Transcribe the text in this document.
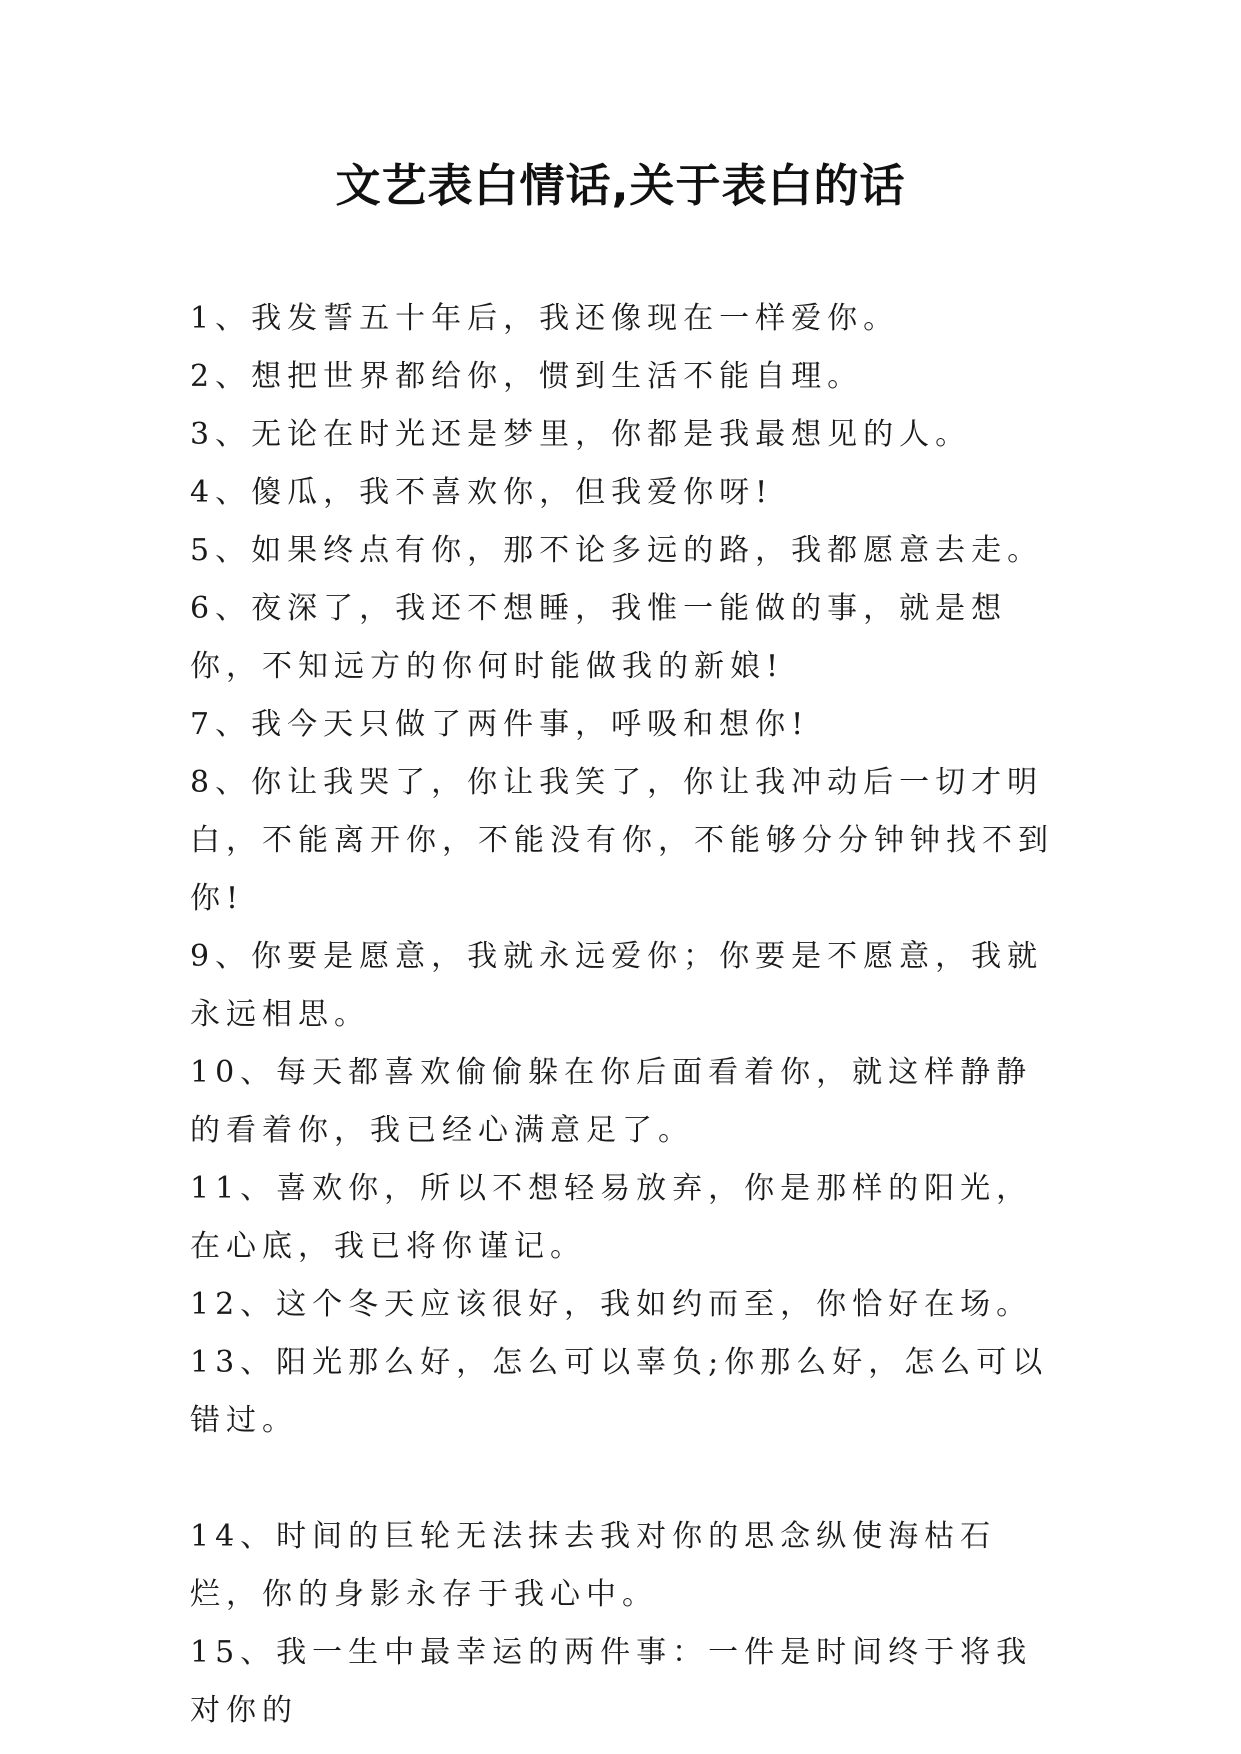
文艺表白情话,关于表白的话

1、我发誓五十年后，我还像现在一样爱你。

2、想把世界都给你，惯到生活不能自理。

3、无论在时光还是梦里，你都是我最想见的人。

4、傻瓜，我不喜欢你，但我爱你呀!

5、如果终点有你，那不论多远的路，我都愿意去走。

6、夜深了，我还不想睡，我惟一能做的事，就是想你，不知远方的你何时能做我的新娘!

7、我今天只做了两件事，呼吸和想你!

8、你让我哭了，你让我笑了，你让我冲动后一切才明白，不能离开你，不能没有你，不能够分分钟钟找不到你!

9、你要是愿意，我就永远爱你；你要是不愿意，我就永远相思。

10、每天都喜欢偷偷躲在你后面看着你，就这样静静的看着你，我已经心满意足了。

11、喜欢你，所以不想轻易放弃，你是那样的阳光，在心底，我已将你谨记。

12、这个冬天应该很好，我如约而至，你恰好在场。

13、阳光那么好，怎么可以辜负;你那么好，怎么可以错过。

14、时间的巨轮无法抹去我对你的思念纵使海枯石烂，你的身影永存于我心中。

15、我一生中最幸运的两件事：一件是时间终于将我对你的
